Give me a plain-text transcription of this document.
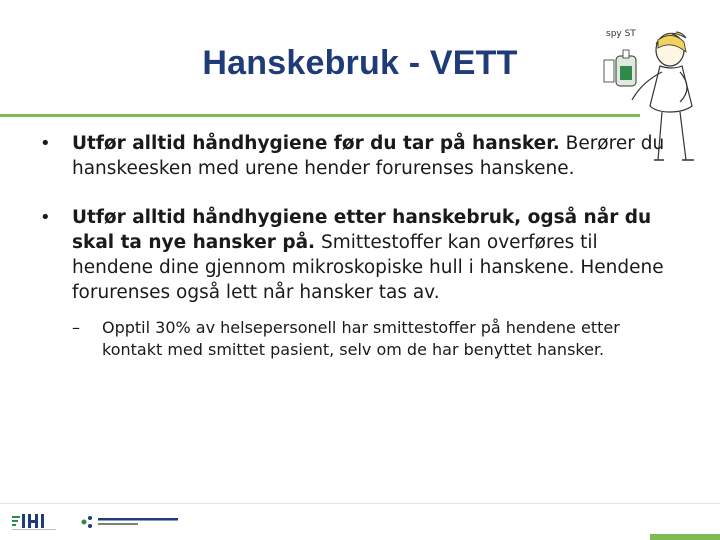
Hanskebruk - VETT
spy ST
• Utfør alltid håndhygiene før du tar på hansker. Berører du hanskeesken med urene hender forurenses hanskene.
• Utfør alltid håndhygiene etter hanskebruk, også når du skal ta nye hansker på. Smittestoffer kan overføres til hendene dine gjennom mikroskopiske hull i hanskene. Hendene forurenses også lett når hansker tas av.
– Opptil 30% av helsepersonell har smittestoffer på hendene etter kontakt med smittet pasient, selv om de har benyttet hansker.
